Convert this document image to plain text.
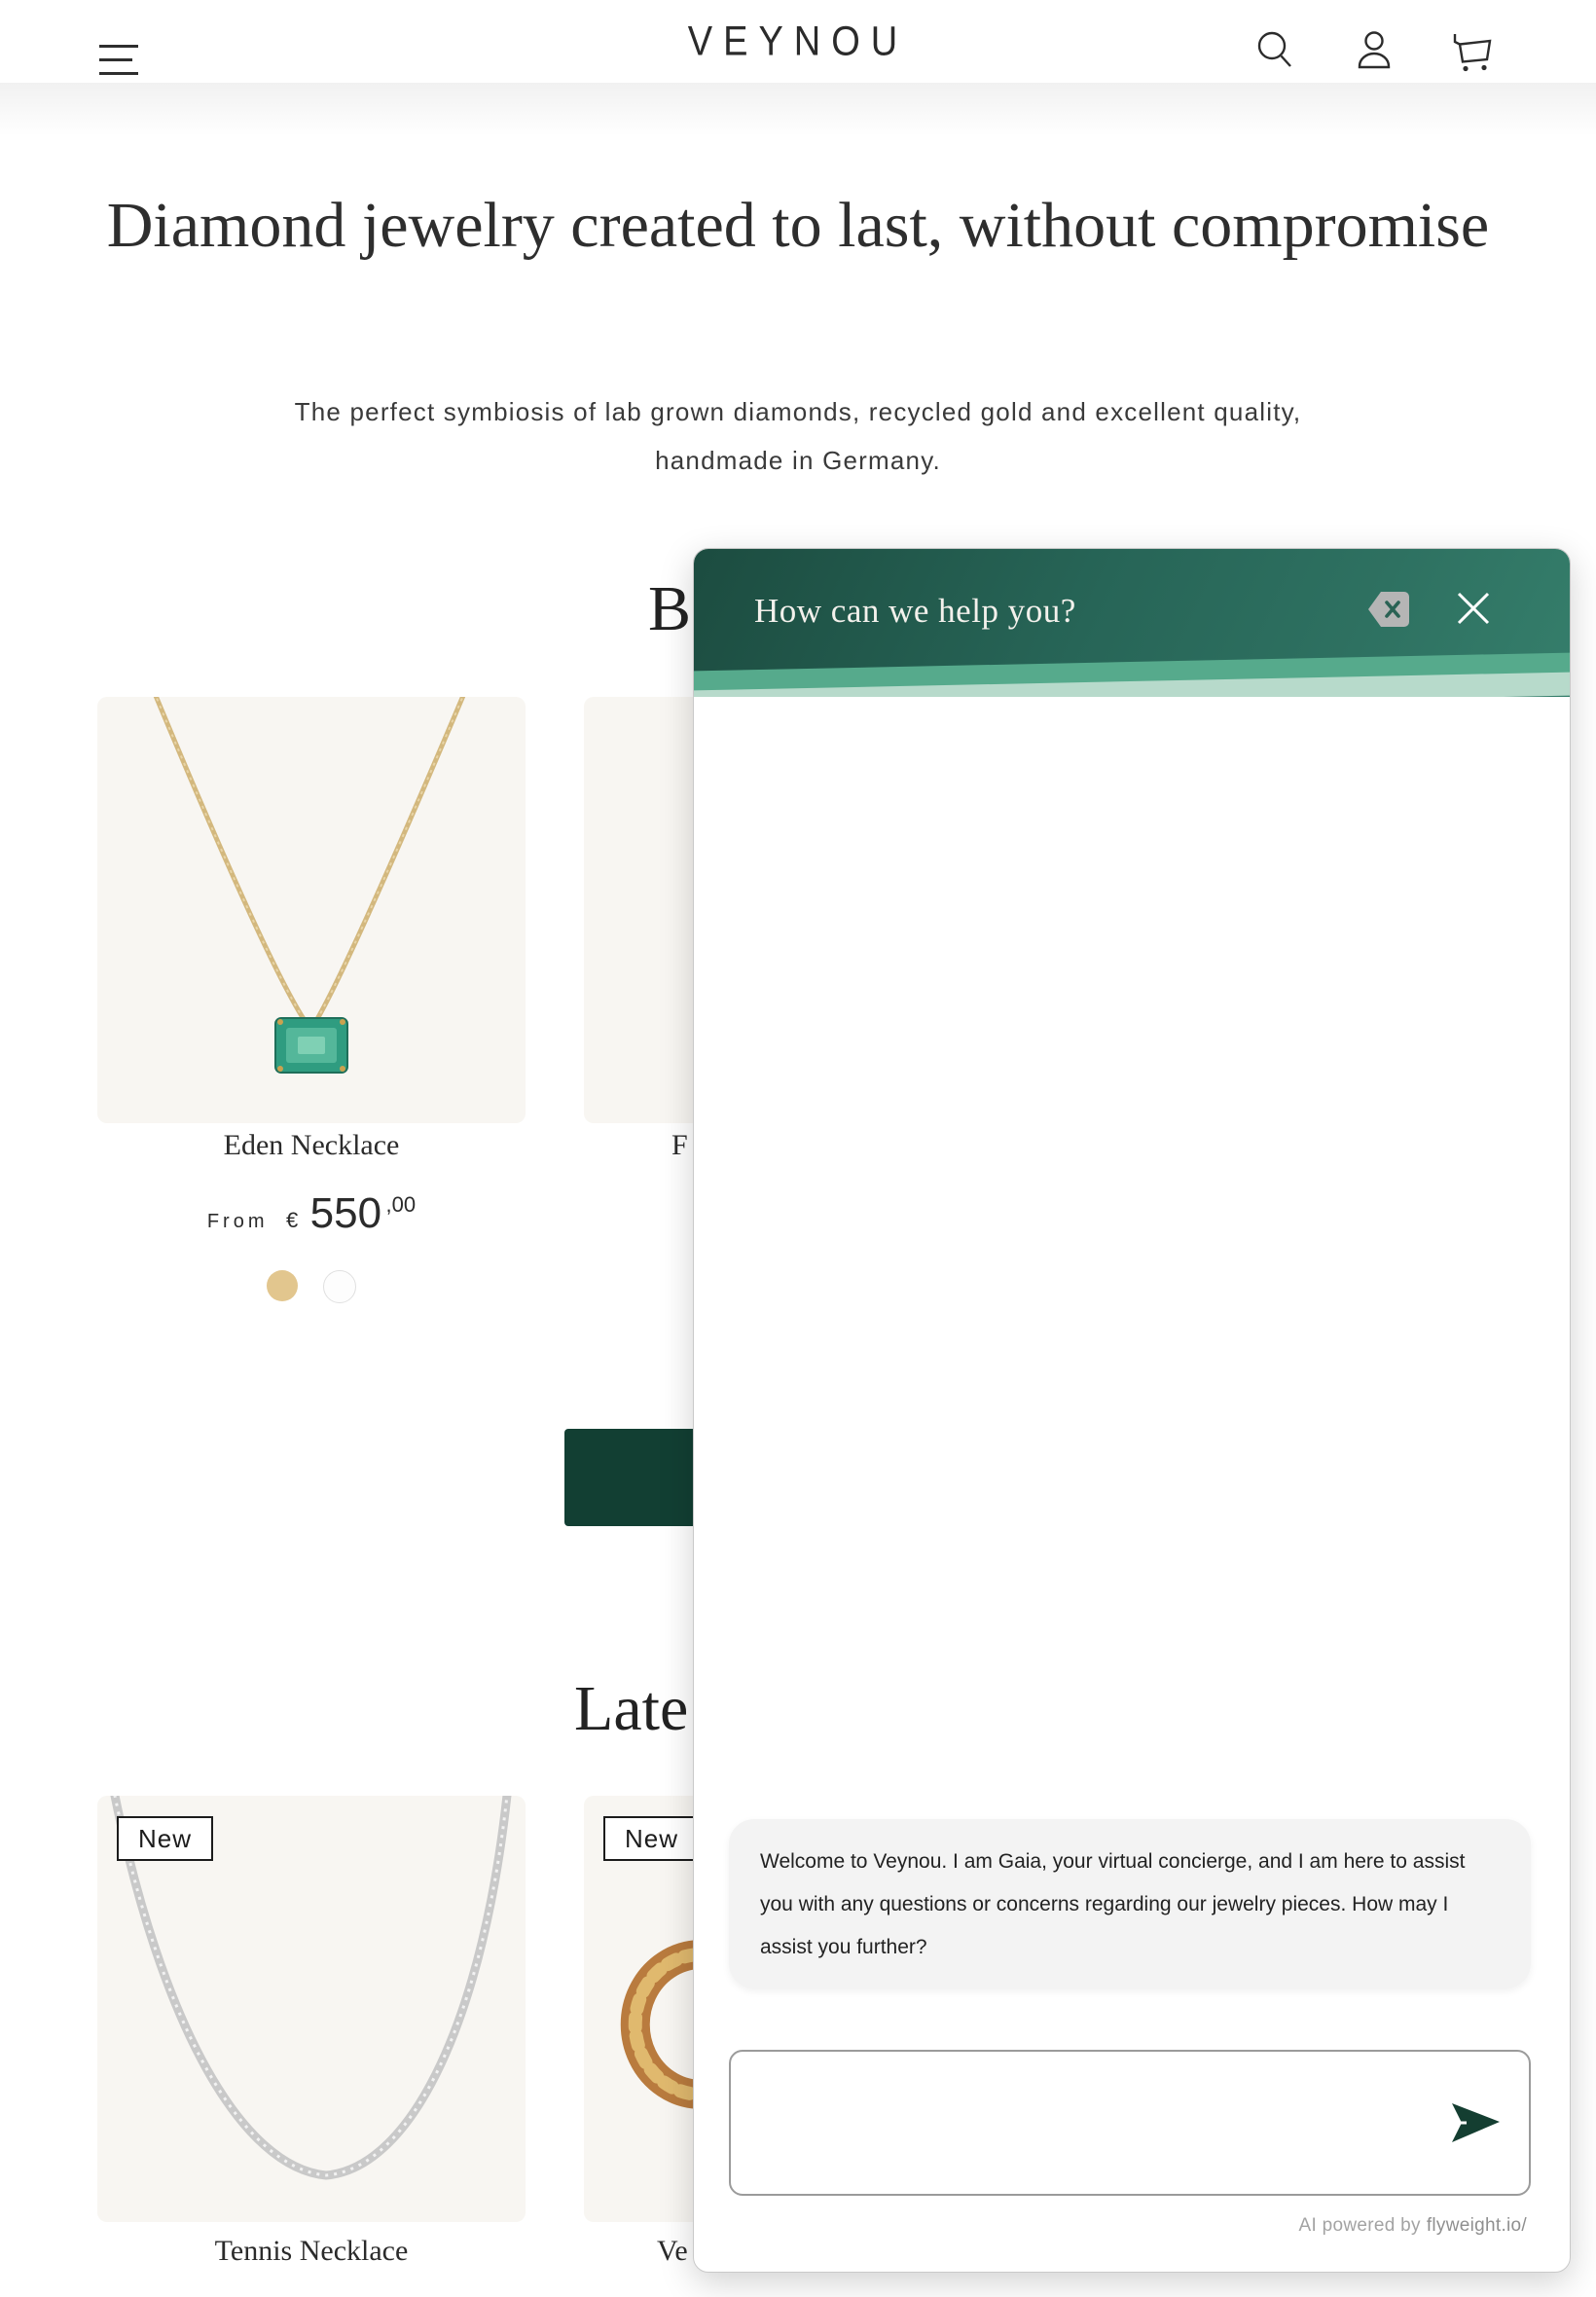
VEYNOU
Diamond jewelry created to last, without compromise

The perfect symbiosis of lab grown diamonds, recycled gold and excellent quality, handmade in Germany.

B
Eden Necklace
From € 550 ,00
F
Late
New
Tennis Necklace
New
Ve
How can we help you?

Welcome to Veynou. I am Gaia, your virtual concierge, and I am here to assist you with any questions or concerns regarding our jewelry pieces. How may I assist you further?

AI powered by flyweight.io/
